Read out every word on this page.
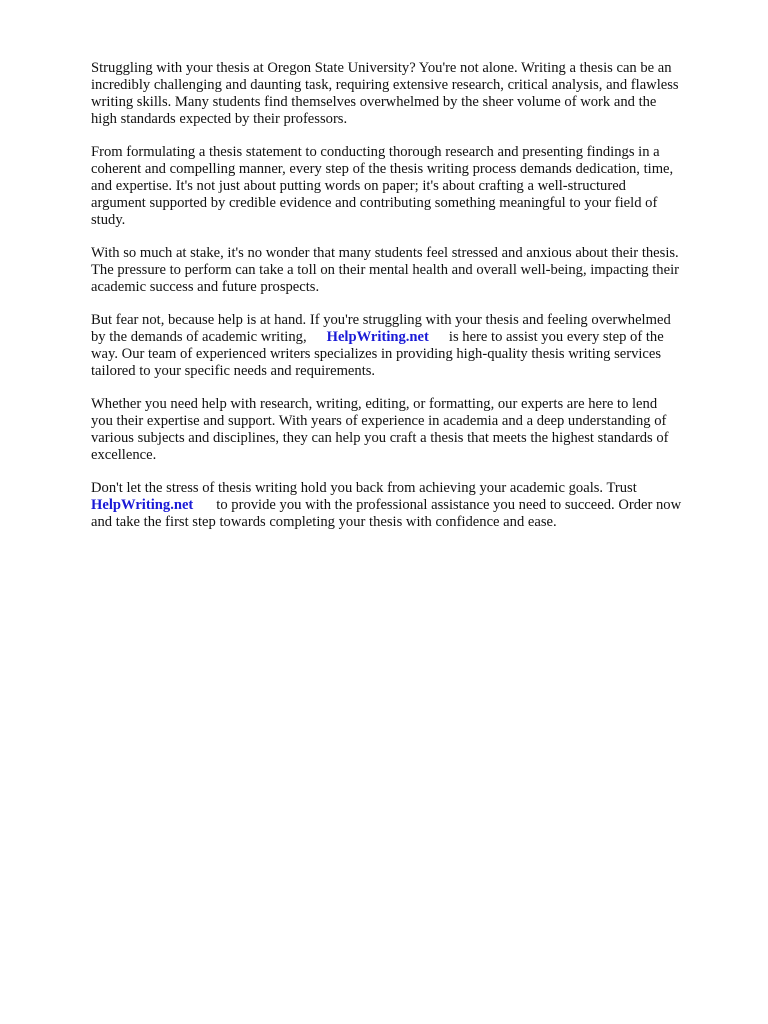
Struggling with your thesis at Oregon State University? You're not alone. Writing a thesis can be an
incredibly challenging and daunting task, requiring extensive research, critical analysis, and flawless
writing skills. Many students find themselves overwhelmed by the sheer volume of work and the
high standards expected by their professors.

From formulating a thesis statement to conducting thorough research and presenting findings in a
coherent and compelling manner, every step of the thesis writing process demands dedication, time,
and expertise. It's not just about putting words on paper; it's about crafting a well-structured
argument supported by credible evidence and contributing something meaningful to your field of
study.

With so much at stake, it's no wonder that many students feel stressed and anxious about their thesis.
The pressure to perform can take a toll on their mental health and overall well-being, impacting their
academic success and future prospects.

But fear not, because help is at hand. If you're struggling with your thesis and feeling overwhelmed
by the demands of academic writing, HelpWriting.net is here to assist you every step of the
way. Our team of experienced writers specializes in providing high-quality thesis writing services
tailored to your specific needs and requirements.

Whether you need help with research, writing, editing, or formatting, our experts are here to lend
you their expertise and support. With years of experience in academia and a deep understanding of
various subjects and disciplines, they can help you craft a thesis that meets the highest standards of
excellence.

Don't let the stress of thesis writing hold you back from achieving your academic goals. Trust
HelpWriting.net to provide you with the professional assistance you need to succeed. Order now
and take the first step towards completing your thesis with confidence and ease.
